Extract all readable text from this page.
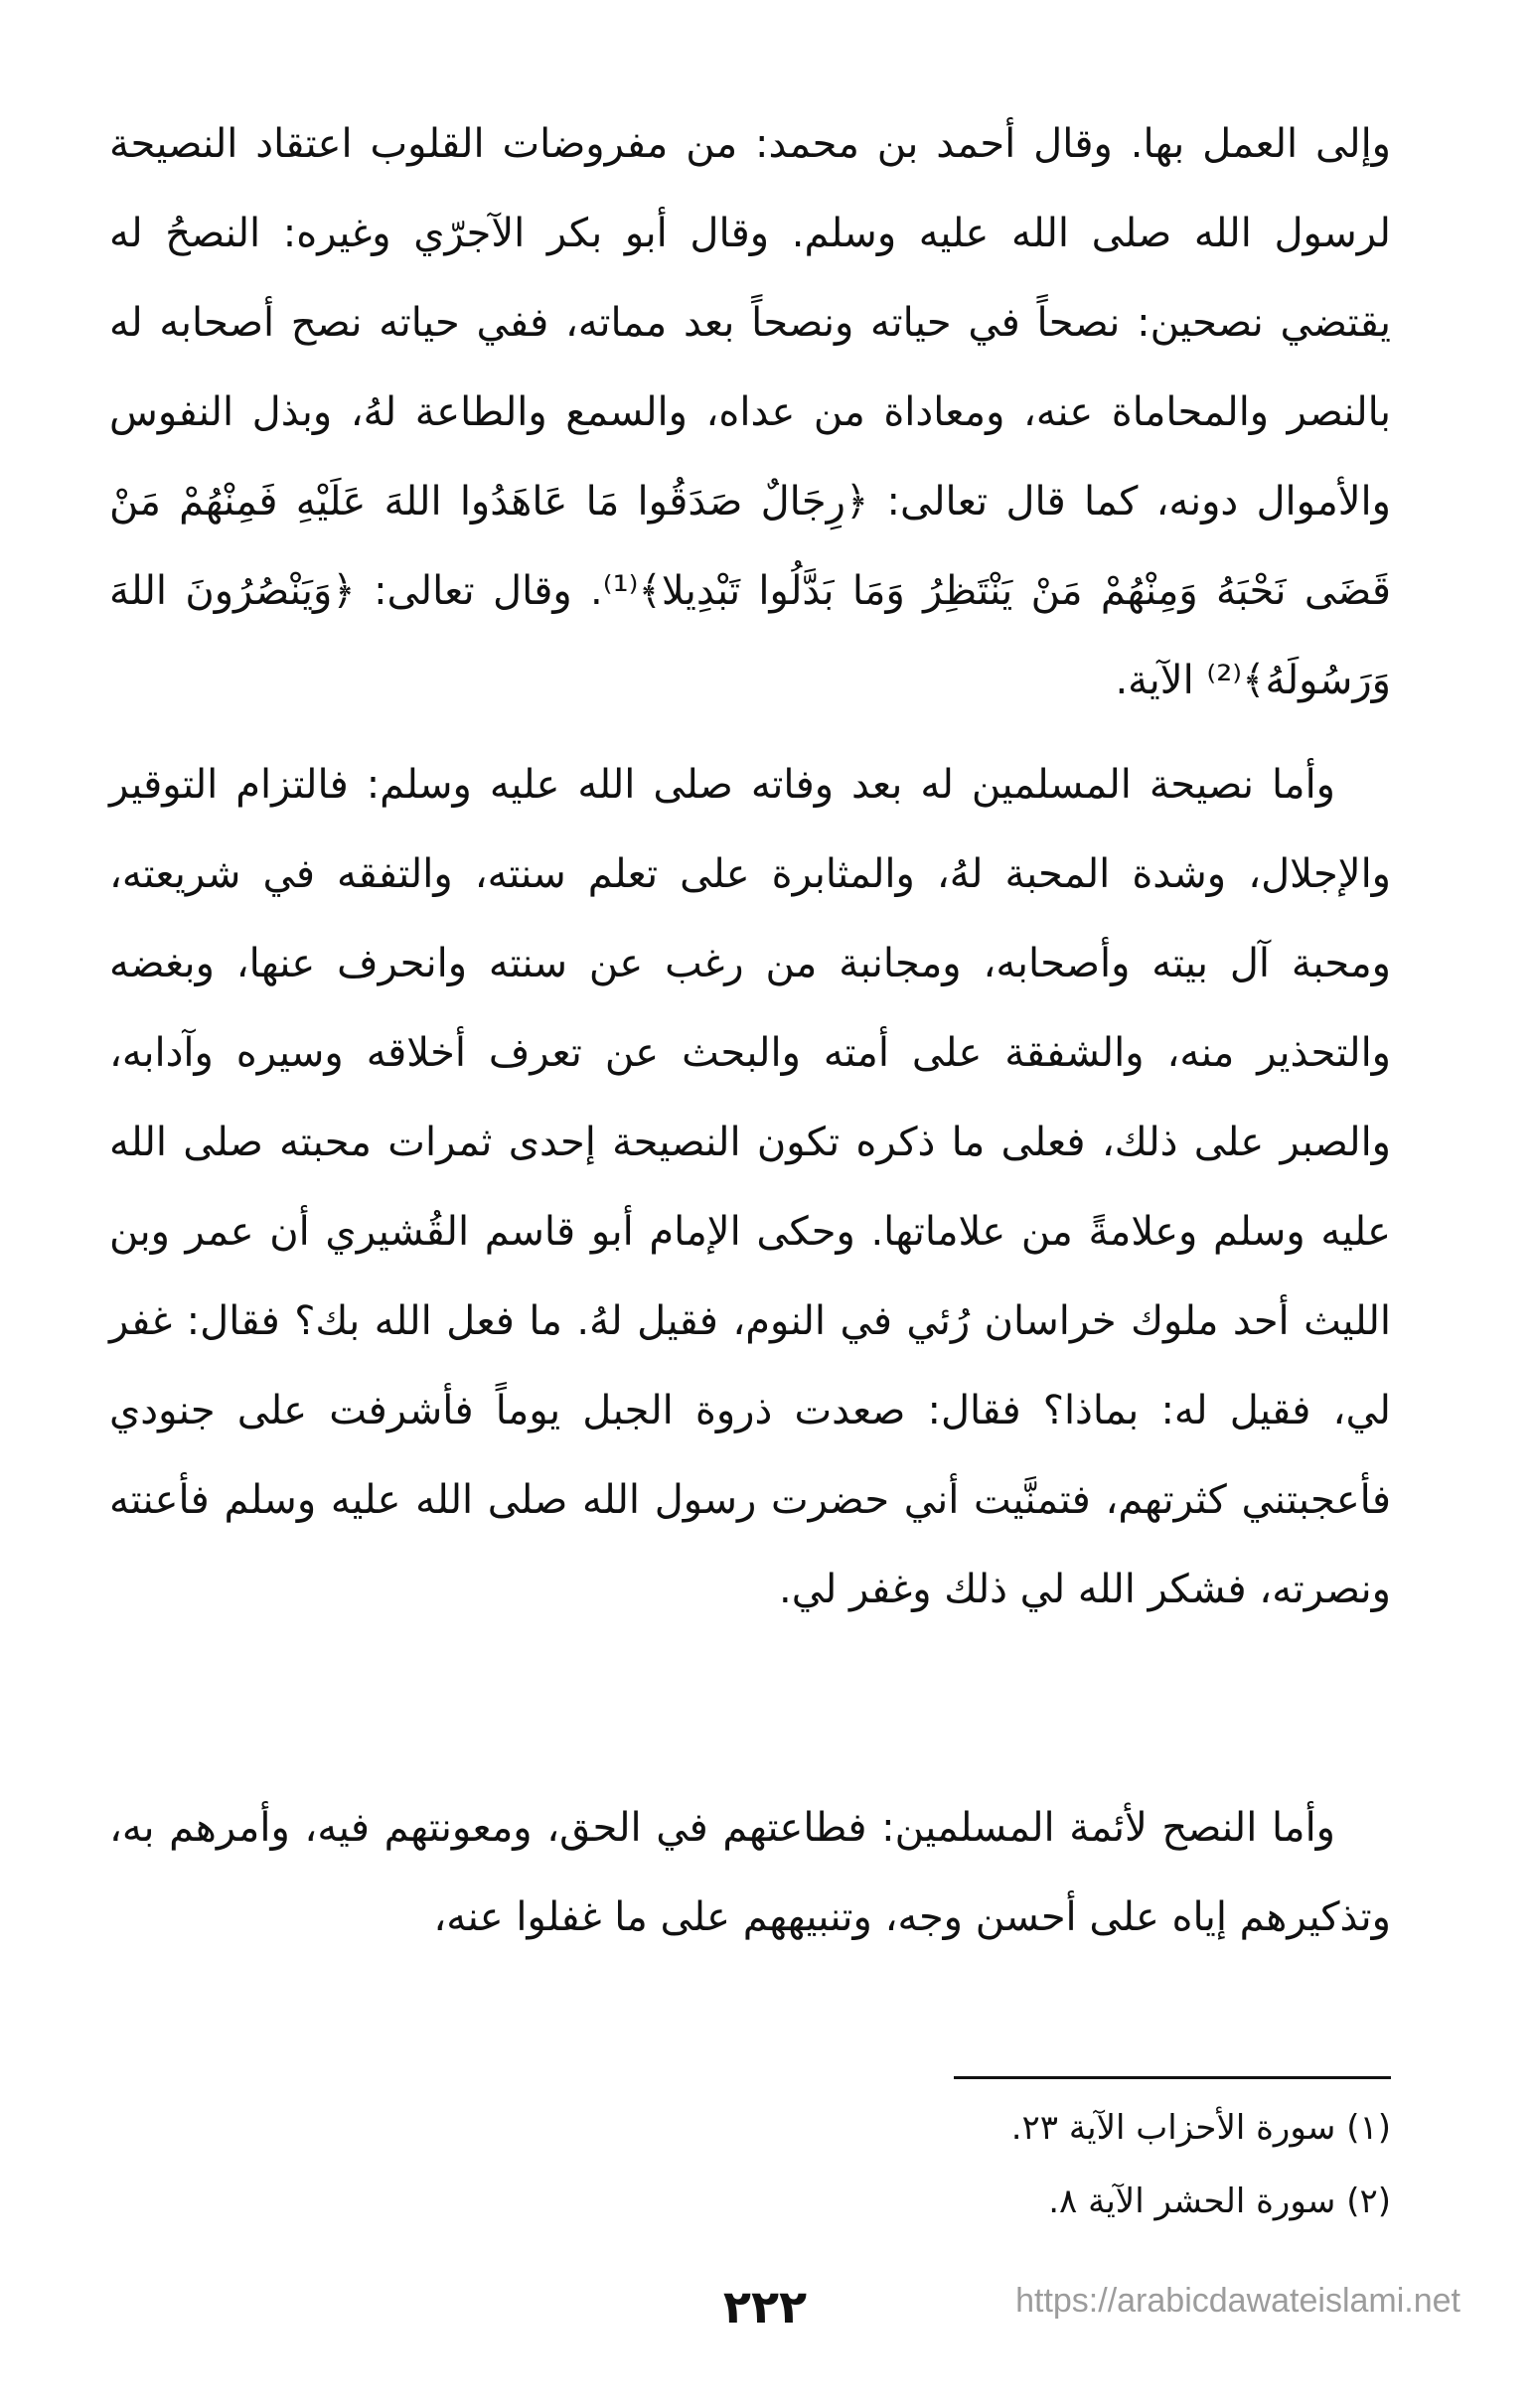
وإلى العمل بها. وقال أحمد بن محمد: من مفروضات القلوب اعتقاد النصيحة لرسول الله صلى الله عليه وسلم. وقال أبو بكر الآجرّي وغيره: النصحُ له يقتضي نصحين: نصحاً في حياته ونصحاً بعد مماته، ففي حياته نصح أصحابه له بالنصر والمحاماة عنه، ومعاداة من عداه، والسمع والطاعة لهُ، وبذل النفوس والأموال دونه، كما قال تعالى: ﴿رِجَالٌ صَدَقُوا مَا عَاهَدُوا اللهَ عَلَيْهِ فَمِنْهُمْ مَنْ قَضَى نَحْبَهُ وَمِنْهُمْ مَنْ يَنْتَظِرُ وَمَا بَدَّلُوا تَبْدِيلا﴾⁽¹⁾. وقال تعالى: ﴿وَيَنْصُرُونَ اللهَ وَرَسُولَهُ﴾⁽²⁾ الآية.

وأما نصيحة المسلمين له بعد وفاته صلى الله عليه وسلم: فالتزام التوقير والإجلال، وشدة المحبة لهُ، والمثابرة على تعلم سنته، والتفقه في شريعته، ومحبة آل بيته وأصحابه، ومجانبة من رغب عن سنته وانحرف عنها، وبغضه والتحذير منه، والشفقة على أمته والبحث عن تعرف أخلاقه وسيره وآدابه، والصبر على ذلك، فعلى ما ذكره تكون النصيحة إحدى ثمرات محبته صلى الله عليه وسلم وعلامةً من علاماتها. وحكى الإمام أبو قاسم القُشيري أن عمر وبن الليث أحد ملوك خراسان رُئي في النوم، فقيل لهُ. ما فعل الله بك؟ فقال: غفر لي، فقيل له: بماذا؟ فقال: صعدت ذروة الجبل يوماً فأشرفت على جنودي فأعجبتني كثرتهم، فتمنَّيت أني حضرت رسول الله صلى الله عليه وسلم فأعنته ونصرته، فشكر الله لي ذلك وغفر لي.

وأما النصح لأئمة المسلمين: فطاعتهم في الحق، ومعونتهم فيه، وأمرهم به، وتذكيرهم إياه على أحسن وجه، وتنبيههم على ما غفلوا عنه،

(١) سورة الأحزاب الآية ٢٣.

(٢) سورة الحشر الآية ٨.

٢٢٢	https://arabicdawateislami.net
